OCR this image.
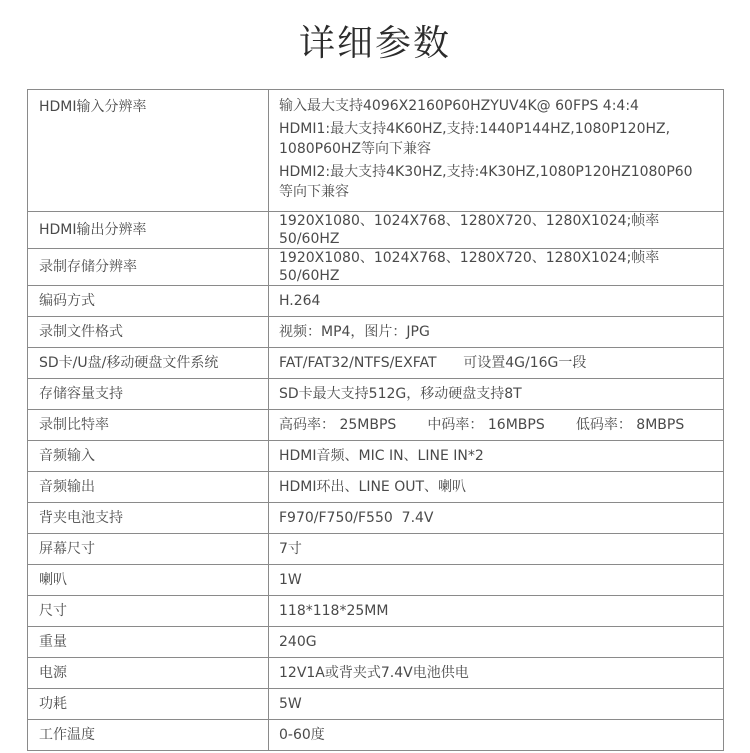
详细参数
HDMI输入分辨率	输入最大支持4096X2160P60HZYUV4K@ 60FPS 4:4:4
HDMI1:最大支持4K60HZ,支持:1440P144HZ,1080P120HZ,
1080P60HZ等向下兼容
HDMI2:最大支持4K30HZ,支持:4K30HZ,1080P120HZ1080P60
等向下兼容

HDMI输出分辨率	1920X1080、1024X768、1280X720、1280X1024;帧率50/60HZ
录制存储分辨率	1920X1080、1024X768、1280X720、1280X1024;帧率50/60HZ
编码方式	H.264
录制文件格式	视频：MP4，图片：JPG
SD卡/U盘/移动硬盘文件系统	FAT/FAT32/NTFS/EXFAT      可设置4G/16G一段
存储容量支持	SD卡最大支持512G，移动硬盘支持8T
录制比特率	高码率： 25MBPS       中码率： 16MBPS       低码率： 8MBPS
音频输入	HDMI音频、MIC IN、LINE IN*2
音频输出	HDMI环出、LINE OUT、喇叭
背夹电池支持	F970/F750/F550  7.4V
屏幕尺寸	7寸
喇叭	1W
尺寸	118*118*25MM
重量	240G
电源	12V1A或背夹式7.4V电池供电
功耗	5W
工作温度	0-60度
